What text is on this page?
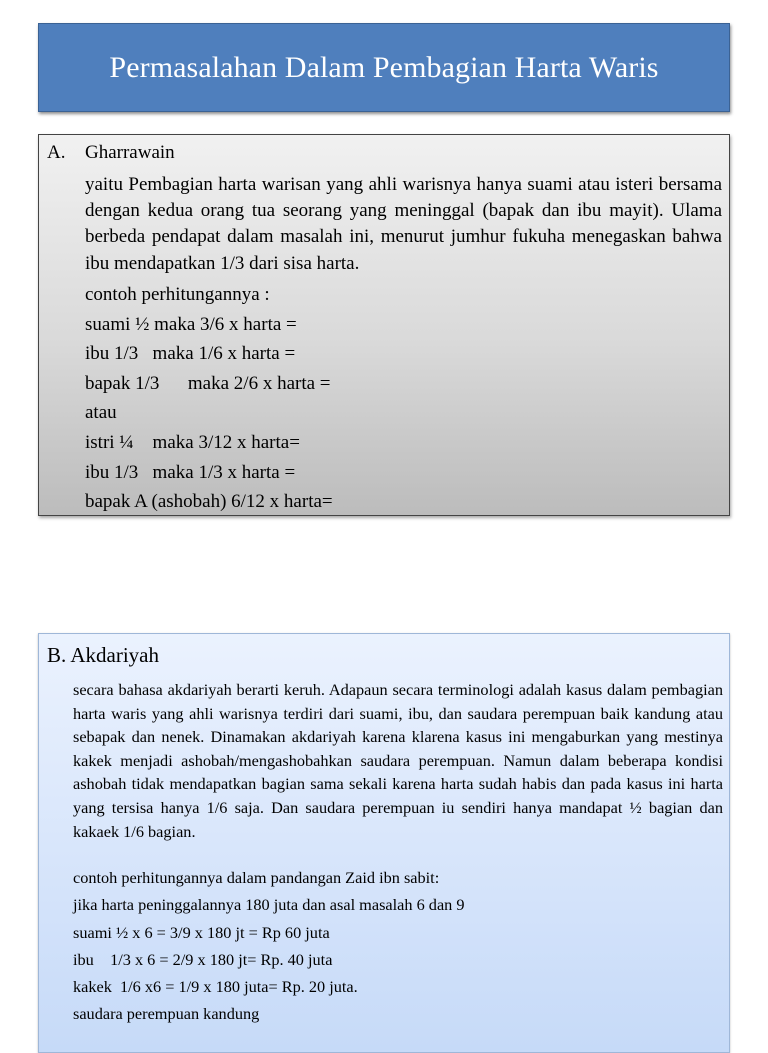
Permasalahan Dalam Pembagian Harta Waris
A. Gharrawain

yaitu Pembagian harta warisan yang ahli warisnya hanya suami atau isteri bersama dengan kedua orang tua seorang yang meninggal (bapak dan ibu mayit). Ulama berbeda pendapat dalam masalah ini, menurut jumhur fukuha menegaskan bahwa ibu mendapatkan 1/3 dari sisa harta.

contoh perhitungannya :
suami ½ maka 3/6 x harta =
ibu 1/3   maka 1/6 x harta =
bapak 1/3      maka 2/6 x harta =
atau
istri ¼    maka 3/12 x harta=
ibu 1/3   maka 1/3 x harta =
bapak A (ashobah) 6/12 x harta=
B. Akdariyah

secara bahasa akdariyah berarti keruh. Adapaun secara terminologi adalah kasus dalam pembagian harta waris yang ahli warisnya terdiri dari suami, ibu, dan saudara perempuan baik kandung atau sebapak dan nenek. Dinamakan akdariyah karena klarena kasus ini mengaburkan yang mestinya kakek menjadi ashobah/mengashobahkan saudara perempuan. Namun dalam beberapa kondisi ashobah tidak mendapatkan bagian sama sekali karena harta sudah habis dan pada kasus ini harta yang tersisa hanya 1/6 saja. Dan saudara perempuan iu sendiri hanya mandapat ½ bagian dan kakaek 1/6 bagian.

contoh perhitungannya dalam pandangan Zaid ibn sabit:
jika harta peninggalannya 180 juta dan asal masalah 6 dan 9
suami ½ x 6 = 3/9 x 180 jt = Rp 60 juta
ibu    1/3 x 6 = 2/9 x 180 jt= Rp. 40 juta
kakek  1/6 x6 = 1/9 x 180 juta= Rp. 20 juta.
saudara perempuan kandung
